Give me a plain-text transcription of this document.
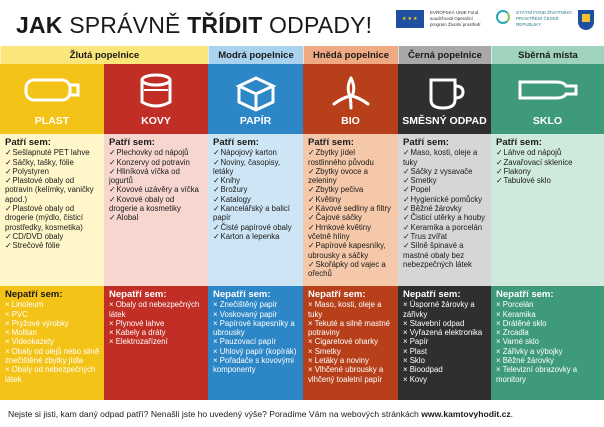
JAK SPRÁVNĚ TŘÍDIT ODPADY!
★★★	EVROPSKÁ UNIE Fond soudržnosti Operační program Životní prostředí
STÁTNÍ FOND ŽIVOTNÍHO PROSTŘEDÍ ČESKÉ REPUBLIKY
Žlutá popelnice
PLAST	KOVY
Patří sem:
✓ Sešlapnuté PET lahve
✓ Sáčky, tašky, fólie
✓ Polystyren
✓ Plastové obaly od potravin (kelímky, vaničky apod.)
✓ Plastové obaly od drogerie (mýdlo, čisticí prostředky, kosmetika)
✓ CD/DVD obaly
✓ Strečové fólie
Patří sem:
✓ Plechovky od nápojů
✓ Konzervy od potravin
✓ Hliníková víčka od jogurtů
✓ Kovové uzávěry a víčka
✓ Kovové obaly od drogerie a kosmetiky
✓ Alobal
Nepatří sem:
× Linoleum
× PVC
× Pryžové výrobky
× Molitan
× Videokazety
× Obaly od olejů nebo silně znečištěné zbytky jídla
× Obaly od nebezpečných látek
Nepatří sem:
× Obaly od nebezpečných látek
× Plynové lahve
× Kabely a dráty
× Elektrozařízení
Modrá popelnice
PAPÍR
Patří sem:
✓ Nápojový karton
✓ Noviny, časopisy, letáky
✓ Knihy
✓ Brožury
✓ Katalogy
✓ Kancelářský a balicí papír
✓ Čisté papírové obaly
✓ Karton a lepenka
Nepatří sem:
× Znečištěný papír
× Voskovaný papír
× Papírové kapesníky a ubrousky
× Pauzovací papír
× Uhlový papír (kopírák)
× Pořadače s kovovými komponenty
Hnědá popelnice
BIO
Patří sem:
✓ Zbytky jídel rostlinného původu
✓ Zbytky ovoce a zeleniny
✓ Zbytky pečiva
✓ Květiny
✓ Kávové sedliny a filtry
✓ Čajové sáčky
✓ Hrnkové květiny včetně hlíny
✓ Papírové kapesníky, ubrousky a sáčky
✓ Skořápky od vajec a ořechů
Nepatří sem:
× Maso, kosti, oleje a tuky
× Tekuté a silně mastné potraviny
× Cigaretové oharky
× Smetky
× Letáky a noviny
× Vlhčené ubrousky a vlhčený toaletní papír
Černá popelnice
SMĚSNÝ ODPAD
Patří sem:
✓ Maso, kosti, oleje a tuky
✓ Sáčky z vysavače
✓ Smetky
✓ Popel
✓ Hygienické pomůcky
✓ Běžné žárovky
✓ Čisticí utěrky a houby
✓ Keramika a porcelán
✓ Trus zvířat
✓ Silně špinavé a mastné obaly bez nebezpečných látek
Nepatří sem:
× Úsporné žárovky a zářivky
× Stavební odpad
× Vyřazená elektronika
× Papír
× Plast
× Sklo
× Bioodpad
× Kovy
Sběrná místa
SKLO
Patří sem:
✓ Láhve od nápojů
✓ Zavařovací sklenice
✓ Flakony
✓ Tabulové sklo
Nepatří sem:
× Porcelán
× Keramika
× Drátěné sklo
× Zrcadla
× Varné sklo
× Zářivky a výbojky
× Běžné žárovky
× Televizní obrazovky a monitory
Nejste si jisti, kam daný odpad patří? Nenašli jste ho uvedený výše? Poradíme Vám na webových stránkách
www.kamtovyhodit.cz .
